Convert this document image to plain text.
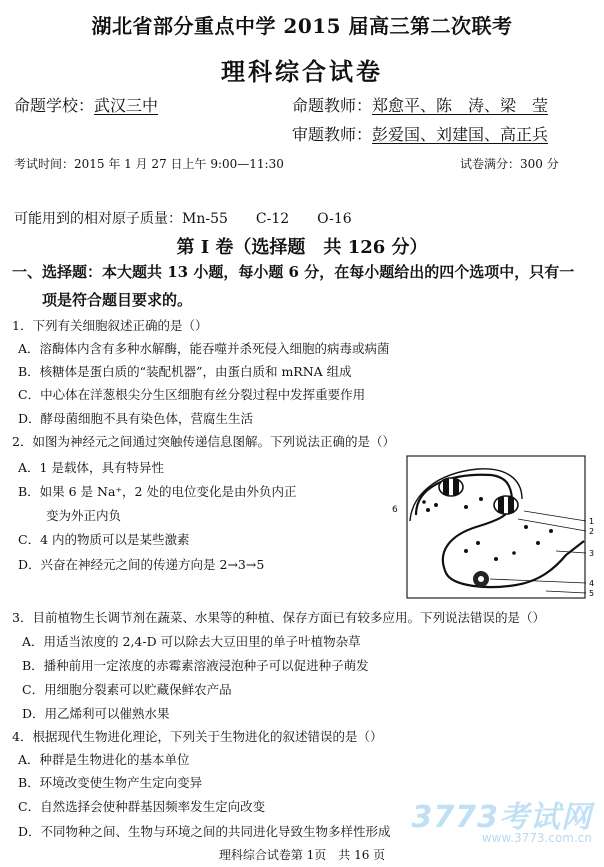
湖北省部分重点中学 2015 届高三第二次联考
理科综合试卷
命题学校：武汉三中	命题教师：郑愈平、陈　涛、梁　莹
审题教师：彭爱国、刘建国、高正兵
考试时间：2015 年 1 月 27 日上午 9:00—11:30	试卷满分：300 分
可能用到的相对原子质量：Mn-55　　C-12　　O-16
第 I 卷（选择题　共 126 分）
一、选择题：本大题共 13 小题，每小题 6 分，在每小题给出的四个选项中，只有一
项是符合题目要求的。
1．下列有关细胞叙述正确的是（）
A．溶酶体内含有多种水解酶，能吞噬并杀死侵入细胞的病毒或病菌
B．核糖体是蛋白质的“装配机器”，由蛋白质和 mRNA 组成
C．中心体在洋葱根尖分生区细胞有丝分裂过程中发挥重要作用
D．酵母菌细胞不具有染色体，营腐生生活
2．如图为神经元之间通过突触传递信息图解。下列说法正确的是（）
A．1 是载体，具有特异性
B．如果 6 是 Na⁺，2 处的电位变化是由外负内正
变为外正内负
C．4 内的物质可以是某些激素
D．兴奋在神经元之间的传递方向是 2→3→5
1
2
3
4
5
6
3．目前植物生长调节剂在蔬菜、水果等的种植、保存方面已有较多应用。下列说法错误的是（）
A．用适当浓度的 2,4-D 可以除去大豆田里的单子叶植物杂草
B．播种前用一定浓度的赤霉素溶液浸泡种子可以促进种子萌发
C．用细胞分裂素可以贮藏保鲜农产品
D．用乙烯利可以催熟水果
4．根据现代生物进化理论，下列关于生物进化的叙述错误的是（）
A．种群是生物进化的基本单位
B．环境改变使生物产生定向变异
C．自然选择会使种群基因频率发生定向改变
D．不同物种之间、生物与环境之间的共同进化导致生物多样性形成
理科综合试卷第 1页　共 16 页
3773考试网
www.3773.com.cn
